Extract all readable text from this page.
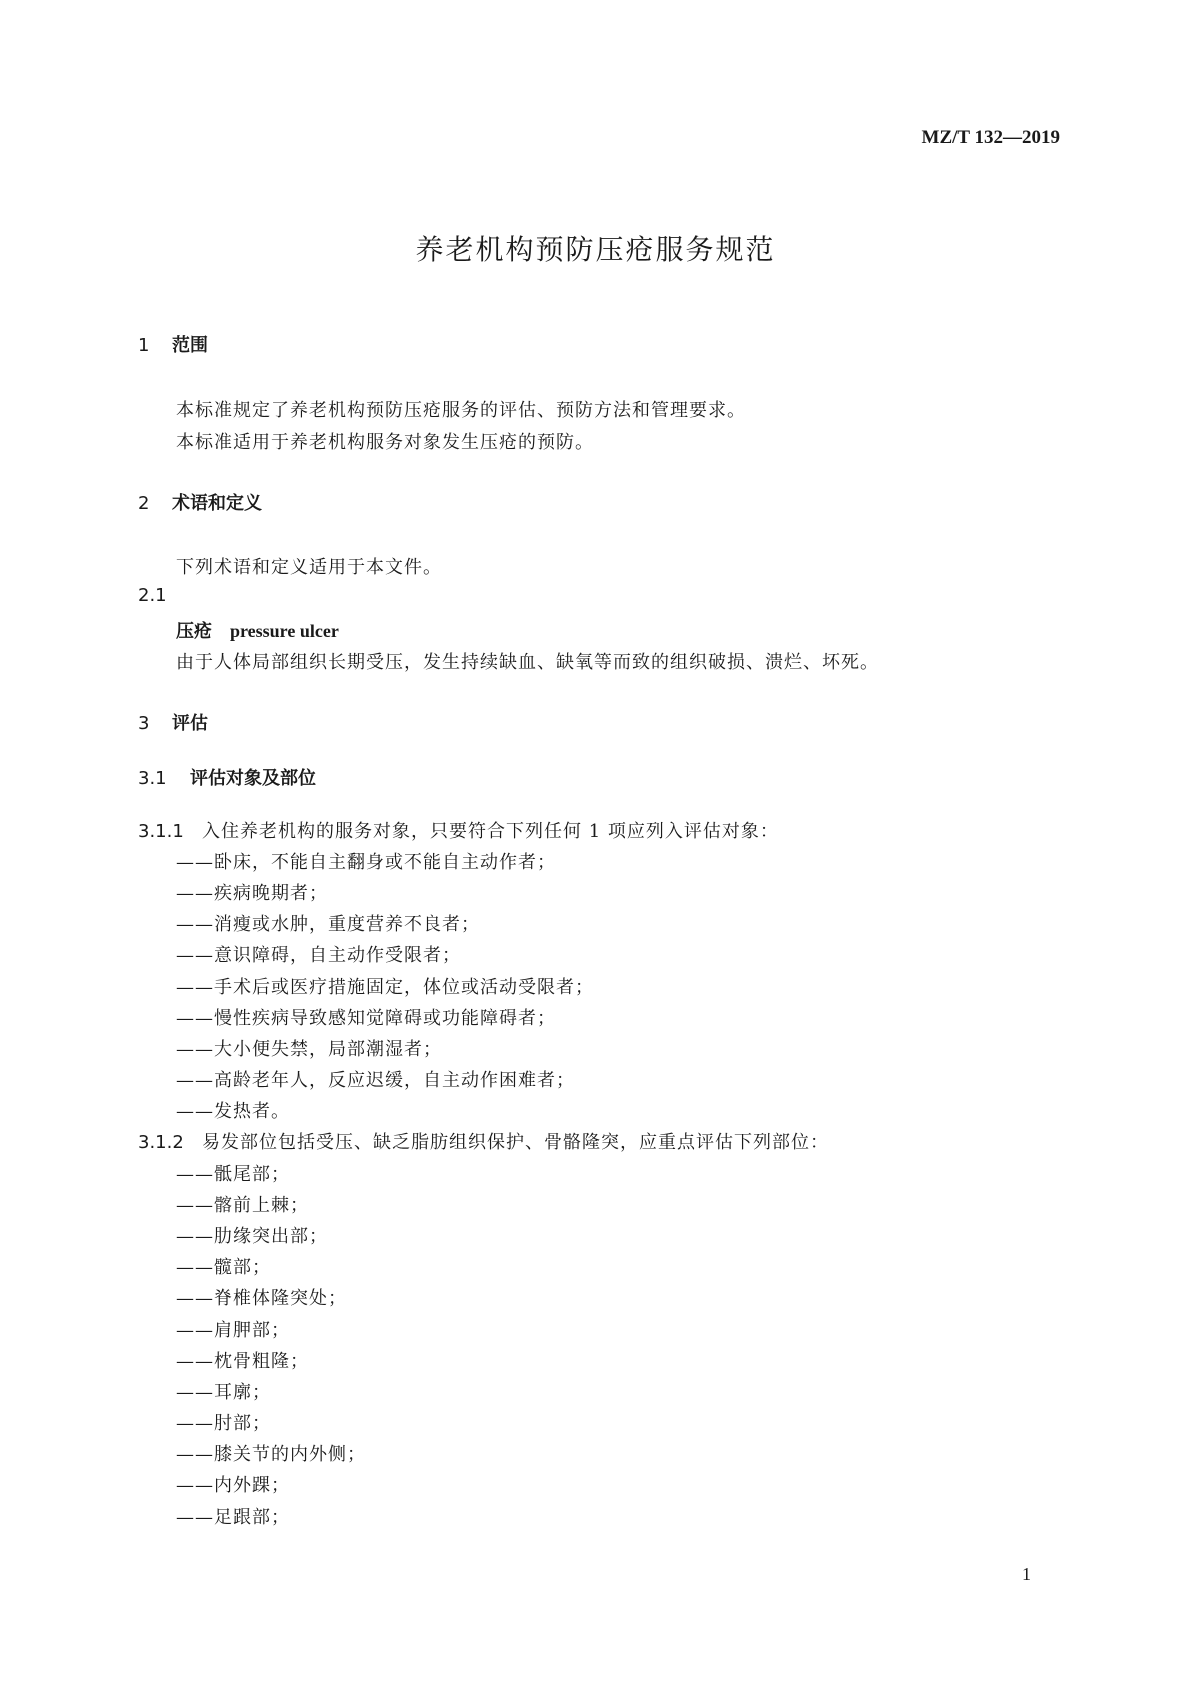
MZ/T 132—2019
养老机构预防压疮服务规范
1 范围
本标准规定了养老机构预防压疮服务的评估、预防方法和管理要求。
本标准适用于养老机构服务对象发生压疮的预防。
2 术语和定义
下列术语和定义适用于本文件。
2.1
压疮 pressure ulcer
由于人体局部组织长期受压，发生持续缺血、缺氧等而致的组织破损、溃烂、坏死。
3 评估
3.1 评估对象及部位
3.1.1 入住养老机构的服务对象，只要符合下列任何 1 项应列入评估对象：
——卧床，不能自主翻身或不能自主动作者；
——疾病晚期者；
——消瘦或水肿，重度营养不良者；
——意识障碍，自主动作受限者；
——手术后或医疗措施固定，体位或活动受限者；
——慢性疾病导致感知觉障碍或功能障碍者；
——大小便失禁，局部潮湿者；
——高龄老年人，反应迟缓，自主动作困难者；
——发热者。
3.1.2 易发部位包括受压、缺乏脂肪组织保护、骨骼隆突，应重点评估下列部位：
——骶尾部；
——髂前上棘；
——肋缘突出部；
——髋部；
——脊椎体隆突处；
——肩胛部；
——枕骨粗隆；
——耳廓；
——肘部；
——膝关节的内外侧；
——内外踝；
——足跟部；
1
